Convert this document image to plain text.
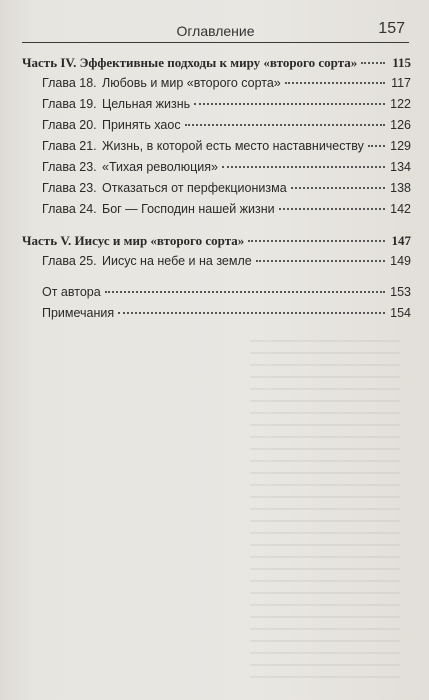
Оглавление	157
Часть IV. Эффективные подходы к миру «второго сорта»	115
Глава 18. Любовь и мир «второго сорта»	117
Глава 19. Цельная жизнь	122
Глава 20. Принять хаос	126
Глава 21. Жизнь, в которой есть место наставничеству 129
Глава 23. «Тихая революция»	134
Глава 23. Отказаться от перфекционизма	138
Глава 24. Бог — Господин нашей жизни	142
Часть V. Иисус и мир «второго сорта»	147
Глава 25. Иисус на небе и на земле	149
От автора	153
Примечания	154
